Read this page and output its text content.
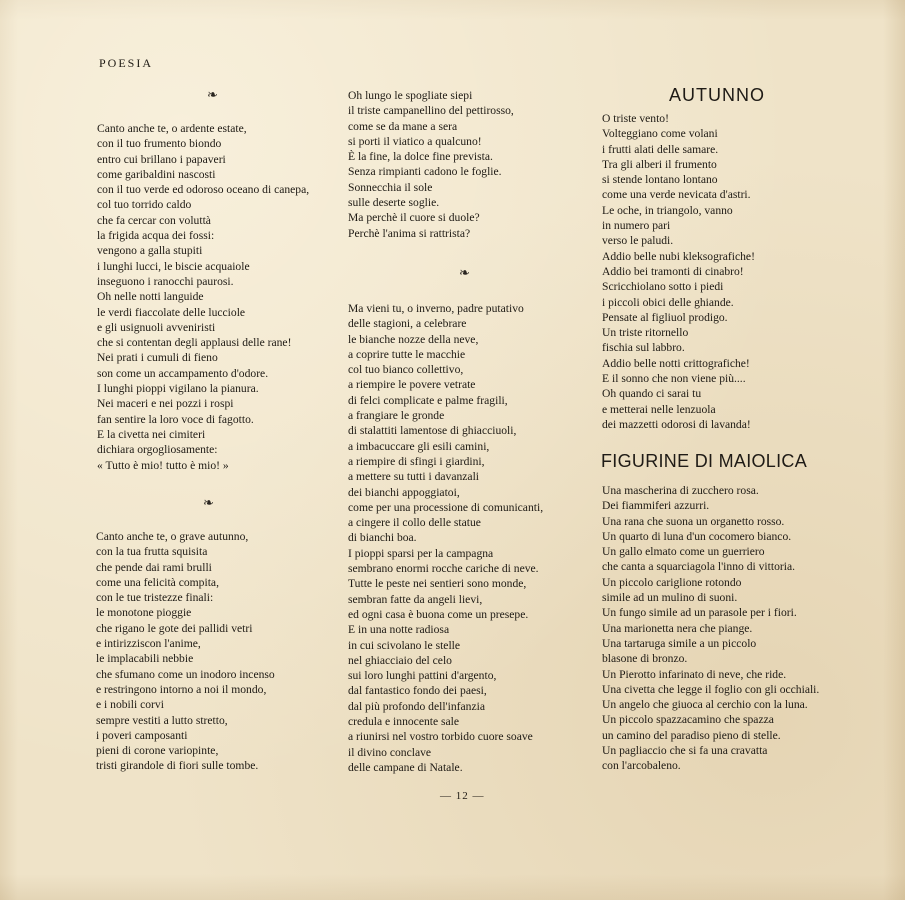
POESIA
❧
❧
❧
Canto anche te, o ardente estate,
con il tuo frumento biondo
entro cui brillano i papaveri
come garibaldini nascosti
con il tuo verde ed odoroso oceano di canepa,
col tuo torrido caldo
che fa cercar con voluttà
la frigida acqua dei fossi:
vengono a galla stupiti
i lunghi lucci, le biscie acquaiole
inseguono i ranocchi paurosi.
Oh nelle notti languide
le verdi fiaccolate delle lucciole
e gli usignuoli avveniristi
che si contentan degli applausi delle rane!
Nei prati i cumuli di fieno
son come un accampamento d'odore.
I lunghi pioppi vigilano la pianura.
Nei maceri e nei pozzi i rospi
fan sentire la loro voce di fagotto.
E la civetta nei cimiteri
dichiara orgogliosamente:
« Tutto è mio! tutto è mio! »
Canto anche te, o grave autunno,
con la tua frutta squisita
che pende dai rami brulli
come una felicità compita,
con le tue tristezze finali:
le monotone pioggie
che rigano le gote dei pallidi vetri
e intirizziscon l'anime,
le implacabili nebbie
che sfumano come un inodoro incenso
e restringono intorno a noi il mondo,
e i nobili corvi
sempre vestiti a lutto stretto,
i poveri camposanti
pieni di corone variopinte,
tristi girandole di fiori sulle tombe.
Oh lungo le spogliate siepi
il triste campanellino del pettirosso,
come se da mane a sera
si porti il viatico a qualcuno!
È la fine, la dolce fine prevista.
Senza rimpianti cadono le foglie.
Sonnecchia il sole
sulle deserte soglie.
Ma perchè il cuore si duole?
Perchè l'anima si rattrista?
Ma vieni tu, o inverno, padre putativo
delle stagioni, a celebrare
le bianche nozze della neve,
a coprire tutte le macchie
col tuo bianco collettivo,
a riempire le povere vetrate
di felci complicate e palme fragili,
a frangiare le gronde
di stalattiti lamentose di ghiacciuoli,
a imbacuccare gli esili camini,
a riempire di sfingi i giardini,
a mettere su tutti i davanzali
dei bianchi appoggiatoi,
come per una processione di comunicanti,
a cingere il collo delle statue
di bianchi boa.
I pioppi sparsi per la campagna
sembrano enormi rocche cariche di neve.
Tutte le peste nei sentieri sono monde,
sembran fatte da angeli lievi,
ed ogni casa è buona come un presepe.
E in una notte radiosa
in cui scivolano le stelle
nel ghiacciaio del celo
sui loro lunghi pattini d'argento,
dal fantastico fondo dei paesi,
dal più profondo dell'infanzia
credula e innocente sale
a riunirsi nel vostro torbido cuore soave
il divino conclave
delle campane di Natale.
AUTUNNO
O triste vento!
Volteggiano come volani
i frutti alati delle samare.
Tra gli alberi il frumento
si stende lontano lontano
come una verde nevicata d'astri.
Le oche, in triangolo, vanno
in numero pari
verso le paludi.
Addio belle nubi kleksografiche!
Addio bei tramonti di cinabro!
Scricchiolano sotto i piedi
i piccoli obici delle ghiande.
Pensate al figliuol prodigo.
Un triste ritornello
fischia sul labbro.
Addio belle notti crittografiche!
E il sonno che non viene più....
Oh quando ci sarai tu
e metterai nelle lenzuola
dei mazzetti odorosi di lavanda!
FIGURINE DI MAIOLICA
Una mascherina di zucchero rosa.
Dei fiammiferi azzurri.
Una rana che suona un organetto rosso.
Un quarto di luna d'un cocomero bianco.
Un gallo elmato come un guerriero
che canta a squarciagola l'inno di vittoria.
Un piccolo cariglione rotondo
simile ad un mulino di suoni.
Un fungo simile ad un parasole per i fiori.
Una marionetta nera che piange.
Una tartaruga simile a un piccolo
blasone di bronzo.
Un Pierotto infarinato di neve, che ride.
Una civetta che legge il foglio con gli occhiali.
Un angelo che giuoca al cerchio con la luna.
Un piccolo spazzacamino che spazza
un camino del paradiso pieno di stelle.
Un pagliaccio che si fa una cravatta
con l'arcobaleno.
— 12 —
